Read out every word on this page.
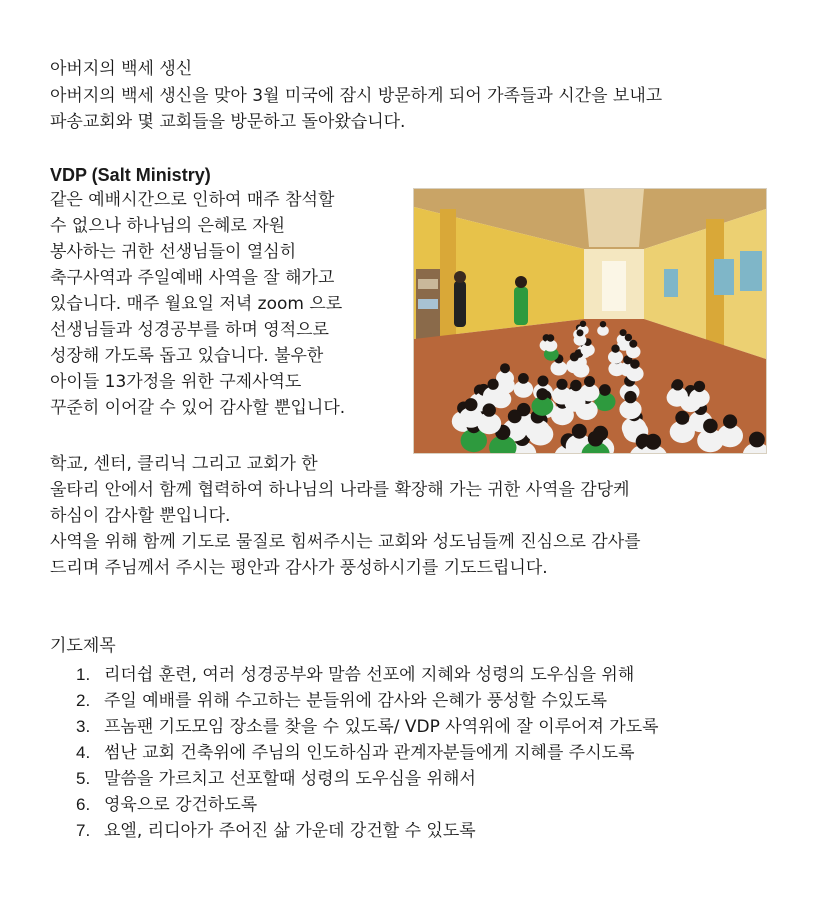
아버지의 백세 생신
아버지의 백세 생신을 맞아 3월 미국에 잠시 방문하게 되어 가족들과 시간을 보내고
파송교회와 몇 교회들을 방문하고 돌아왔습니다.
VDP (Salt Ministry)
같은 예배시간으로 인하여 매주 참석할
수 없으나 하나님의 은혜로 자원
봉사하는 귀한 선생님들이 열심히
축구사역과 주일예배 사역을 잘 해가고
있습니다. 매주 월요일 저녁 zoom 으로
선생님들과 성경공부를 하며 영적으로
성장해 가도록 돕고 있습니다. 불우한
아이들 13가정을 위한 구제사역도
꾸준히 이어갈 수 있어 감사할 뿐입니다.
학교, 센터, 클리닉 그리고 교회가 한
울타리 안에서 함께 협력하여 하나님의 나라를 확장해 가는 귀한 사역을 감당케
하심이 감사할 뿐입니다.
사역을 위해 함께 기도로 물질로 힘써주시는 교회와 성도님들께 진심으로 감사를
드리며 주님께서 주시는 평안과 감사가 풍성하시기를 기도드립니다.
기도제목
1. 리더쉽 훈련, 여러 성경공부와 말씀 선포에 지혜와 성령의 도우심을 위해
2. 주일 예배를 위해 수고하는 분들위에 감사와 은혜가 풍성할 수있도록
3. 프놈팬 기도모임 장소를 찾을 수 있도록/ VDP 사역위에 잘 이루어져 가도록
4. 썸난 교회 건축위에 주님의 인도하심과 관계자분들에게 지혜를 주시도록
5. 말씀을 가르치고 선포할때 성령의 도우심을 위해서
6. 영육으로 강건하도록
7. 요엘, 리디아가 주어진 삶 가운데 강건할 수 있도록
